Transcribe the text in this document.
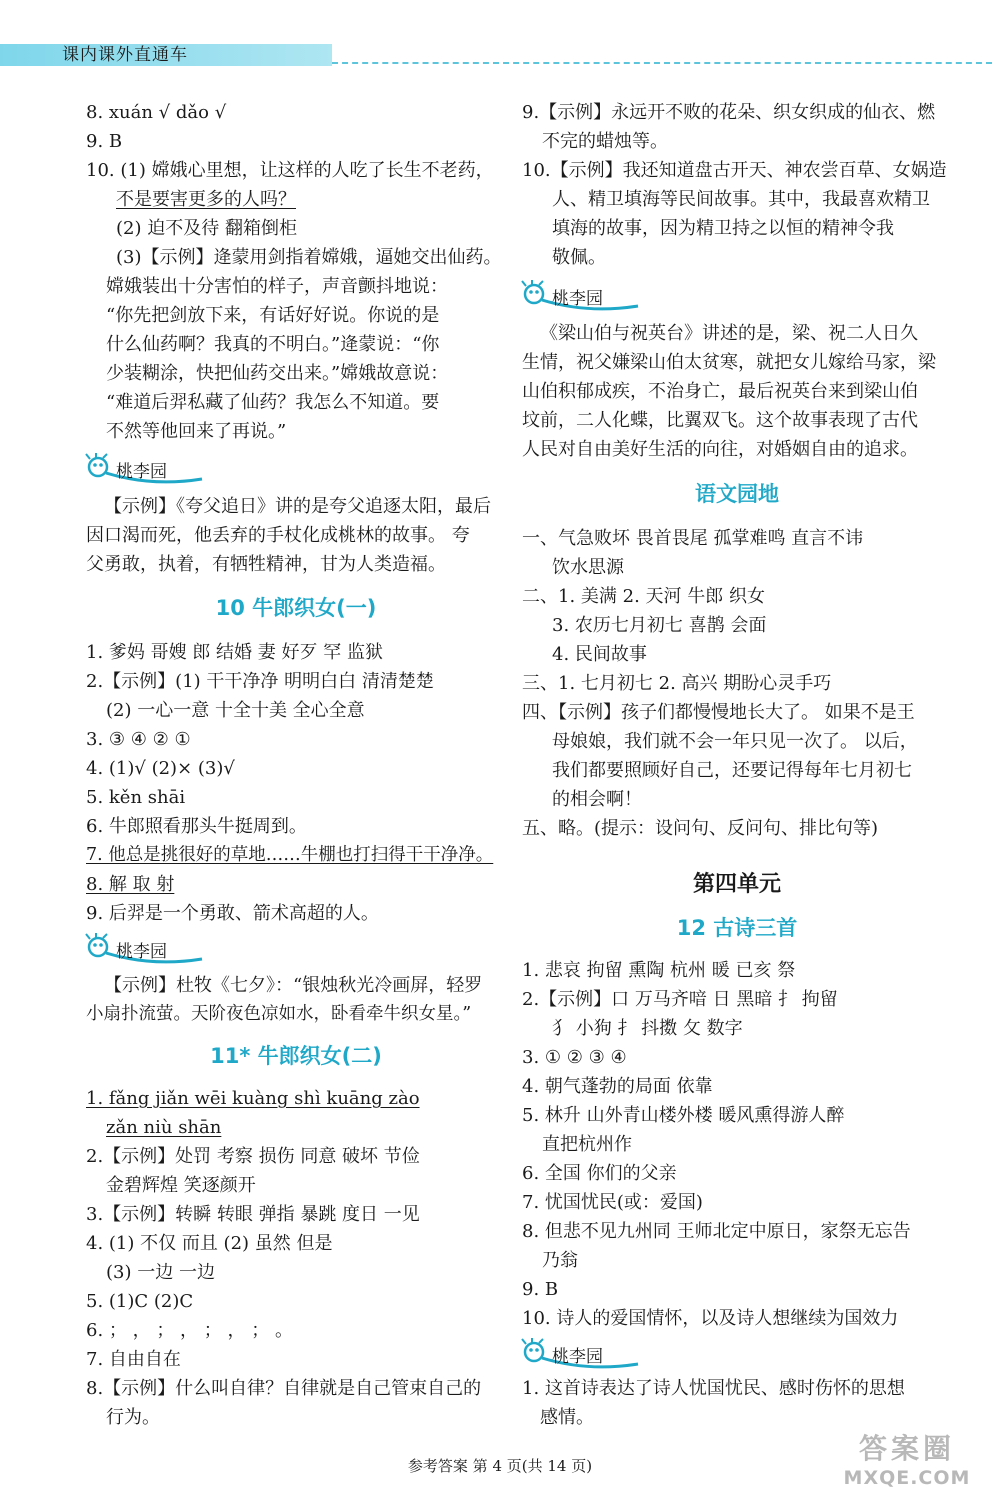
课内课外直通车
8. xuán √ dǎo √
9. B
10. (1) 嫦娥心里想，让这样的人吃了长生不老药，
不是要害更多的人吗？
(2) 迫不及待 翻箱倒柜
(3)【示例】逄蒙用剑指着嫦娥，逼她交出仙药。
嫦娥装出十分害怕的样子，声音颤抖地说：
“你先把剑放下来，有话好好说。你说的是
什么仙药啊？我真的不明白。”逄蒙说：“你
少装糊涂，快把仙药交出来。”嫦娥故意说：
“难道后羿私藏了仙药？我怎么不知道。要
不然等他回来了再说。”
桃李园
【示例】《夸父追日》讲的是夸父追逐太阳，最后
因口渴而死，他丢弃的手杖化成桃林的故事。 夸
父勇敢，执着，有牺牲精神，甘为人类造福。
10 牛郎织女(一)
1. 爹妈 哥嫂 郎 结婚 妻 好歹 罕 监狱
2.【示例】(1) 干干净净 明明白白 清清楚楚
(2) 一心一意 十全十美 全心全意
3. ③ ④ ② ①
4. (1)√ (2)× (3)√
5. kěn shāi
6. 牛郎照看那头牛挺周到。
7. 他总是挑很好的草地……牛棚也打扫得干干净净。
8. 解 取 射
9. 后羿是一个勇敢、箭术高超的人。
桃李园
【示例】杜牧《七夕》：“银烛秋光冷画屏，轻罗
小扇扑流萤。天阶夜色凉如水，卧看牵牛织女星。”
11* 牛郎织女(二)
1. fǎng jiǎn wēi kuàng shì kuāng zào
zǎn niù shān
2.【示例】处罚 考察 损伤 同意 破坏 节俭
金碧辉煌 笑逐颜开
3.【示例】转瞬 转眼 弹指 暴跳 度日 一见
4. (1) 不仅 而且 (2) 虽然 但是
(3) 一边 一边
5. (1)C (2)C
6. ； ， ； ， ； ， ； 。
7. 自由自在
8.【示例】什么叫自律？自律就是自己管束自己的
行为。
9.【示例】永远开不败的花朵、织女织成的仙衣、燃
不完的蜡烛等。
10.【示例】我还知道盘古开天、神农尝百草、女娲造
人、精卫填海等民间故事。其中，我最喜欢精卫
填海的故事，因为精卫持之以恒的精神令我
敬佩。
桃李园
《梁山伯与祝英台》讲述的是，梁、祝二人日久
生情，祝父嫌梁山伯太贫寒，就把女儿嫁给马家，梁
山伯积郁成疾，不治身亡，最后祝英台来到梁山伯
坟前，二人化蝶，比翼双飞。这个故事表现了古代
人民对自由美好生活的向往，对婚姻自由的追求。
语文园地
一、气急败坏 畏首畏尾 孤掌难鸣 直言不讳
饮水思源
二、1. 美满 2. 天河 牛郎 织女
3. 农历七月初七 喜鹊 会面
4. 民间故事
三、1. 七月初七 2. 高兴 期盼心灵手巧
四、【示例】孩子们都慢慢地长大了。 如果不是王
母娘娘，我们就不会一年只见一次了。 以后，
我们都要照顾好自己，还要记得每年七月初七
的相会啊！
五、略。(提示：设问句、反问句、排比句等)
第四单元
12 古诗三首
1. 悲哀 拘留 熏陶 杭州 暖 已亥 祭
2.【示例】口 万马齐喑 日 黑暗 扌 拘留
犭 小狗 扌 抖擞 攵 数字
3. ① ② ③ ④
4. 朝气蓬勃的局面 依靠
5. 林升 山外青山楼外楼 暖风熏得游人醉
直把杭州作
6. 全国 你们的父亲
7. 忧国忧民(或：爱国)
8. 但悲不见九州同 王师北定中原日，家祭无忘告
乃翁
9. B
10. 诗人的爱国情怀，以及诗人想继续为国效力
桃李园
1. 这首诗表达了诗人忧国忧民、感时伤怀的思想
感情。
参考答案 第 4 页(共 14 页)
答案圈
MXQE.COM
